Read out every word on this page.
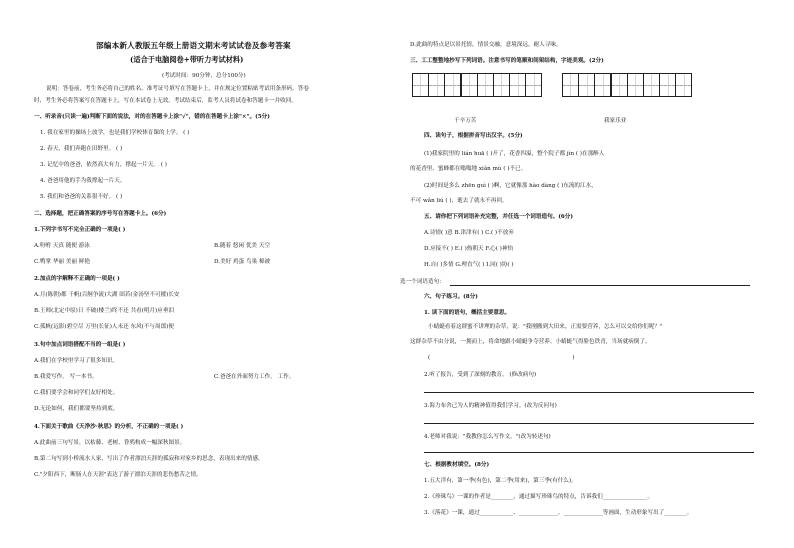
部编本新人教版五年级上册语文期末考试试卷及参考答案
(适合于电脑阅卷+带听力考试材料)
(考试时间：90分钟，总分100分)
说明：答卷前，考生务必将自己的姓名、准考证号填写在答题卡上，并在规定位置粘贴考试用条形码。答卷
时，考生务必将答案写在答题卡上，写在本试卷上无效。考试结束后，监考人员将试卷和答题卡一并收回。
一、听录音(只读一遍)判断下面的说法，对的在答题卡上涂"√"，错的在答题卡上涂"×"。(5分)
1. 我在家里的操场上放学，也是我们学校体育课的上学。 ( )
2. 春天，我们奔跑在田野里。 ( )
3. 记忆中的爸爸，依然高大有力，撑起一片天。 ( )
4. 爸爸用他的手为我撑起一片天。
5. 我们和爸爸的关系很不好。 ( )
二、选择题，把正确答案的序号写在答题卡上。(6分)
1.下列字书写不完全正确的一项是( )
A.吩咐 天真 随便 游泳	B.随着 悠闲 优美 天空
C.鸭掌 华丽 美丽 鲜艳	D.美好 鸡蛋 鸟巢 棉被
2.加点的字解释不正确的一项是( )
A.月(陈朝)都 千帆(百舸争流)大湖 固若(金汤坚不可摧)长安
B.王师(北定中原)日 不破(楼兰)终不还 共看(明月)应垂泪
C.孤帆(远影)碧空尽 万里(长征)人未还 东风(不与周郎)便
3.句中加点词语搭配不当的一组是( )
A.我们在学校里学习了很多知识。
B.我爱写作。 写一本书。	C.爸爸在外面努力工作。 工作。
C.我们要学会和同学们友好相处。
D.无论如何，我们都要坚持到底。
4.下面关于歌曲《天净沙·秋思》的分析，不正确的一项是( )
A.此曲前三句写景，以枯藤、老树、昏鸦构成一幅深秋图景。
B.第二句写到小桥流水人家，写出了作者漂泊天涯的孤寂和对家乡的思念，表现出来的情感。
C."夕阳西下，断肠人在天涯"表达了游子漂泊天涯的悲伤愁苦之情。
D.此曲的特点是以景托情，情景交融，意境深远，耐人寻味。
三、工工整整地抄写下列词语。注意书写的笔顺和间架结构，字迹美观。(2分)
千辛万苦	我家乐业
四、读句子，根据拼音写出汉字。(5分)
(1)我家院里的 lián huā ( )开了，花香四溢，整个院子都 jìn ( )在那醉人
的花香里，蜜蜂都在嗡嗡地 xiǎn mù ( )不已。
(2)时间是多么 zhēn guì ( )啊，它就像那 hào dàng ( )东流的江水，
不可 wǎn liú ( )，逝去了就永不再回。
五、请你把下列词语补充完整，并任选一个词语造句。(6分)
A.诗情( )意 B.津津有( ) C.( )不放弃
D.应接不( ) E.( )热朝天 F.心( )神怡
H.自( )多情 G.理直气( ) I.同( )协( )
选一个词语造句：
六、句子练习。(8分)
1. 读下面的语句，概括主要意思。
小蜻蜓看着这群蜜不讲理的杂草，说："我刚搬到大田来，正需要营养，怎么可以交给你们呢？"
这群杂草不由分说，一拥而上，将命地跟小蜻蜓争夺营养。小蜻蜓气得脸色铁青，当场就病倒了。
(                                                                                )
2.听了报告，受到了深刻的教育。 (修改病句)
3.海力布舍己为人的精神值得我们学习。(改为反问句)
4.老师对我说："我教你怎么写作文。"(改为转述句)
七、根据教材填空。(8分)
1.五大洋有，第一季(有色)，第二季(用来)，第三季(有什么)。
2.《珍珠鸟》一课的作者是________，通过描写珍珠鸟的特点，告诉我们________________。
3.《落花》一课，通过____________、______________，______________等画面，生动形象写出了________。
